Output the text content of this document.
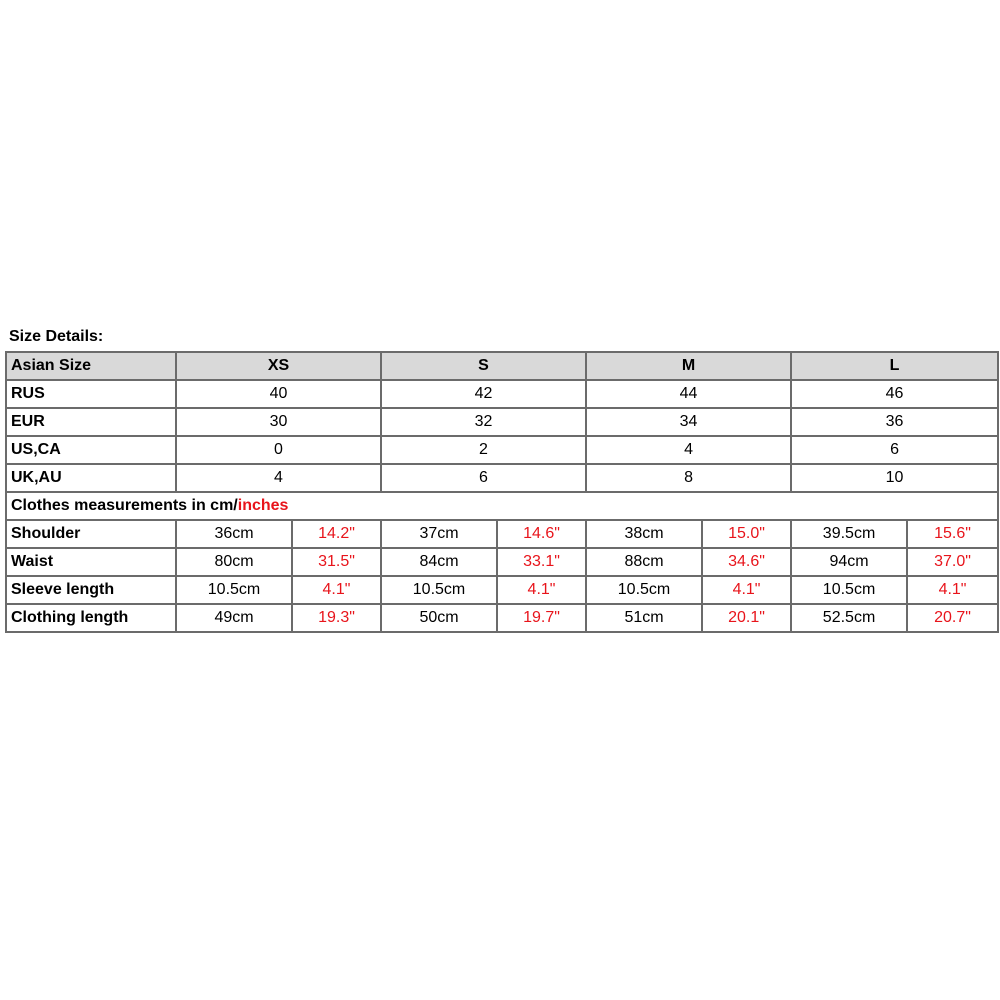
Size Details:
Asian Size	XS		S		M		L	
RUS	40		42		44		46	
EUR	30		32		34		36	
US,CA	0		2		4		6	
UK,AU	4		6		8		10	
Clothes measurements in cm/inches								
Shoulder	36cm	14.2"	37cm	14.6"	38cm	15.0"	39.5cm	15.6"
Waist	80cm	31.5"	84cm	33.1"	88cm	34.6"	94cm	37.0"
Sleeve length	10.5cm	4.1"	10.5cm	4.1"	10.5cm	4.1"	10.5cm	4.1"
Clothing length	49cm	19.3"	50cm	19.7"	51cm	20.1"	52.5cm	20.7"
